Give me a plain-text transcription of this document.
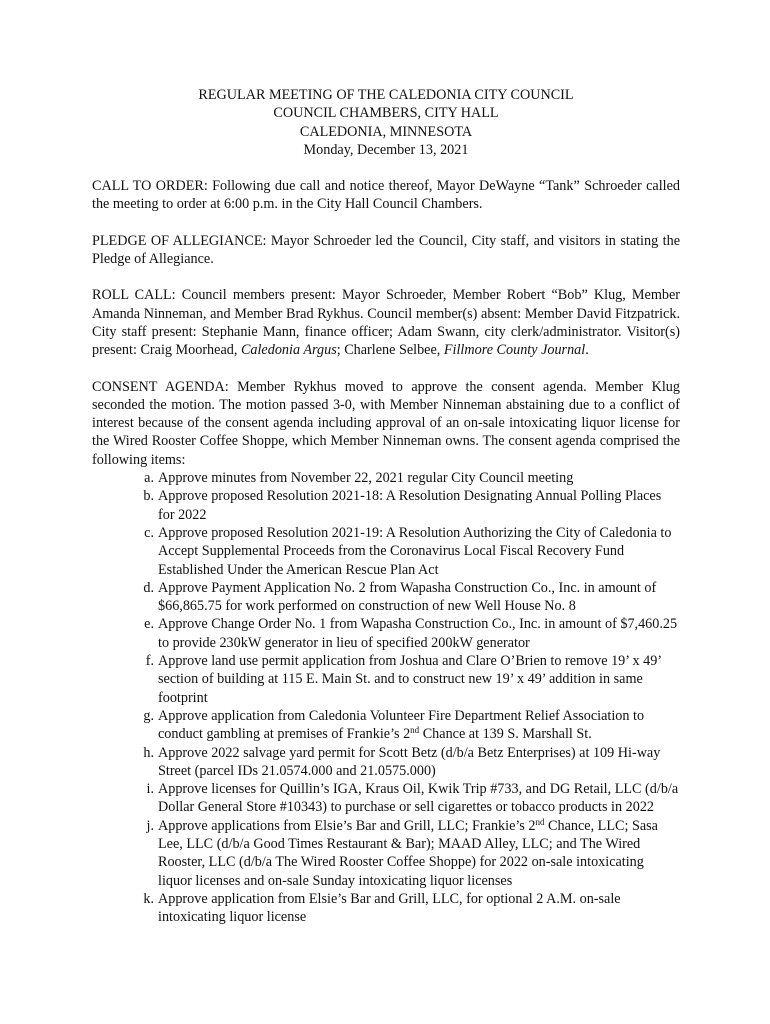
REGULAR MEETING OF THE CALEDONIA CITY COUNCIL
COUNCIL CHAMBERS, CITY HALL
CALEDONIA, MINNESOTA
Monday, December 13, 2021

CALL TO ORDER: Following due call and notice thereof, Mayor DeWayne “Tank” Schroeder called the meeting to order at 6:00 p.m. in the City Hall Council Chambers.

PLEDGE OF ALLEGIANCE: Mayor Schroeder led the Council, City staff, and visitors in stating the Pledge of Allegiance.

ROLL CALL: Council members present: Mayor Schroeder, Member Robert “Bob” Klug, Member Amanda Ninneman, and Member Brad Rykhus. Council member(s) absent: Member David Fitzpatrick. City staff present: Stephanie Mann, finance officer; Adam Swann, city clerk/administrator. Visitor(s) present: Craig Moorhead, Caledonia Argus; Charlene Selbee, Fillmore County Journal.

CONSENT AGENDA: Member Rykhus moved to approve the consent agenda. Member Klug seconded the motion. The motion passed 3-0, with Member Ninneman abstaining due to a conflict of interest because of the consent agenda including approval of an on-sale intoxicating liquor license for the Wired Rooster Coffee Shoppe, which Member Ninneman owns. The consent agenda comprised the following items:

a. Approve minutes from November 22, 2021 regular City Council meeting
b. Approve proposed Resolution 2021-18: A Resolution Designating Annual Polling Places for 2022
c. Approve proposed Resolution 2021-19: A Resolution Authorizing the City of Caledonia to Accept Supplemental Proceeds from the Coronavirus Local Fiscal Recovery Fund Established Under the American Rescue Plan Act
d. Approve Payment Application No. 2 from Wapasha Construction Co., Inc. in amount of $66,865.75 for work performed on construction of new Well House No. 8
e. Approve Change Order No. 1 from Wapasha Construction Co., Inc. in amount of $7,460.25 to provide 230kW generator in lieu of specified 200kW generator
f. Approve land use permit application from Joshua and Clare O’Brien to remove 19’ x 49’ section of building at 115 E. Main St. and to construct new 19’ x 49’ addition in same footprint
g. Approve application from Caledonia Volunteer Fire Department Relief Association to conduct gambling at premises of Frankie’s 2nd Chance at 139 S. Marshall St.
h. Approve 2022 salvage yard permit for Scott Betz (d/b/a Betz Enterprises) at 109 Hi-way Street (parcel IDs 21.0574.000 and 21.0575.000)
i. Approve licenses for Quillin’s IGA, Kraus Oil, Kwik Trip #733, and DG Retail, LLC (d/b/a Dollar General Store #10343) to purchase or sell cigarettes or tobacco products in 2022
j. Approve applications from Elsie’s Bar and Grill, LLC; Frankie’s 2nd Chance, LLC; Sasa Lee, LLC (d/b/a Good Times Restaurant & Bar); MAAD Alley, LLC; and The Wired Rooster, LLC (d/b/a The Wired Rooster Coffee Shoppe) for 2022 on-sale intoxicating liquor licenses and on-sale Sunday intoxicating liquor licenses
k. Approve application from Elsie’s Bar and Grill, LLC, for optional 2 A.M. on-sale intoxicating liquor license
